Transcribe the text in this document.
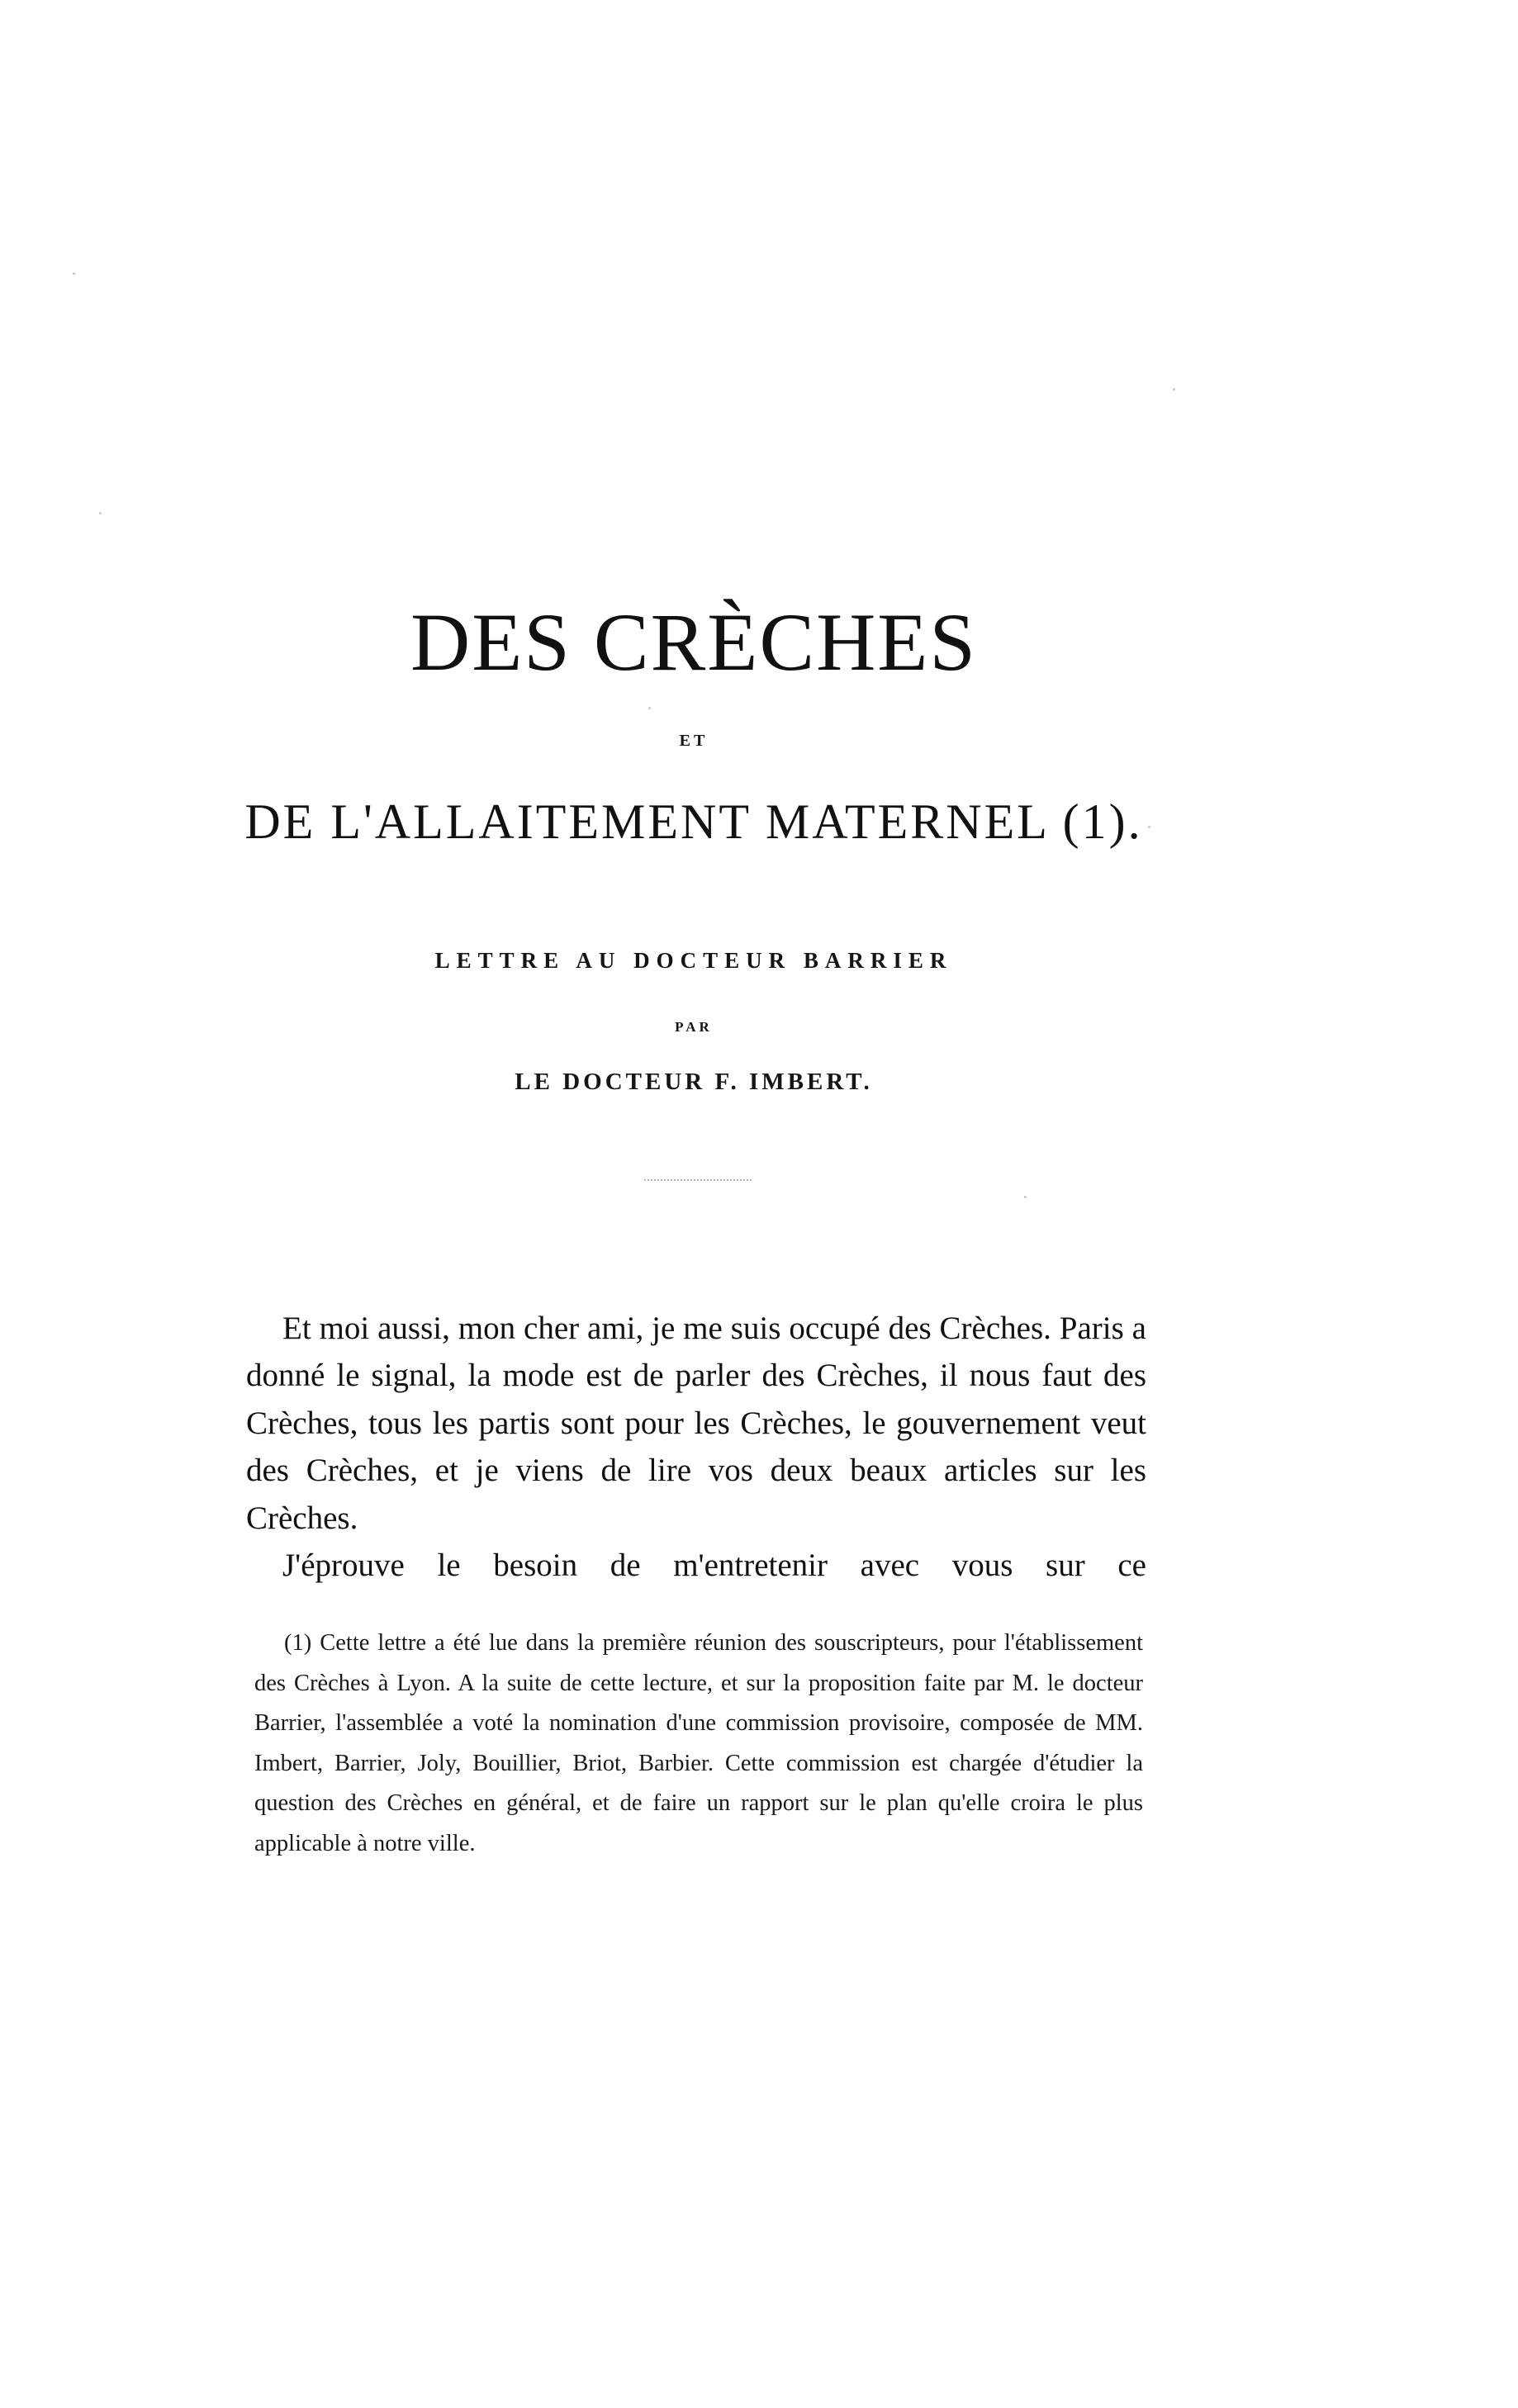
DES CRÈCHES
ET
DE L'ALLAITEMENT MATERNEL (1).
LETTRE AU DOCTEUR BARRIER
PAR
LE DOCTEUR F. IMBERT.

Et moi aussi, mon cher ami, je me suis occupé des Crèches. Paris a donné le signal, la mode est de parler des Crèches, il nous faut des Crèches, tous les partis sont pour les Crèches, le gouvernement veut des Crèches, et je viens de lire vos deux beaux articles sur les Crèches.

J'éprouve le besoin de m'entretenir avec vous sur ce

(1) Cette lettre a été lue dans la première réunion des souscripteurs, pour l'établissement des Crèches à Lyon. A la suite de cette lecture, et sur la proposition faite par M. le docteur Barrier, l'assemblée a voté la nomination d'une commission provisoire, composée de MM. Imbert, Barrier, Joly, Bouillier, Briot, Barbier. Cette commission est chargée d'étudier la question des Crèches en général, et de faire un rapport sur le plan qu'elle croira le plus applicable à notre ville.
